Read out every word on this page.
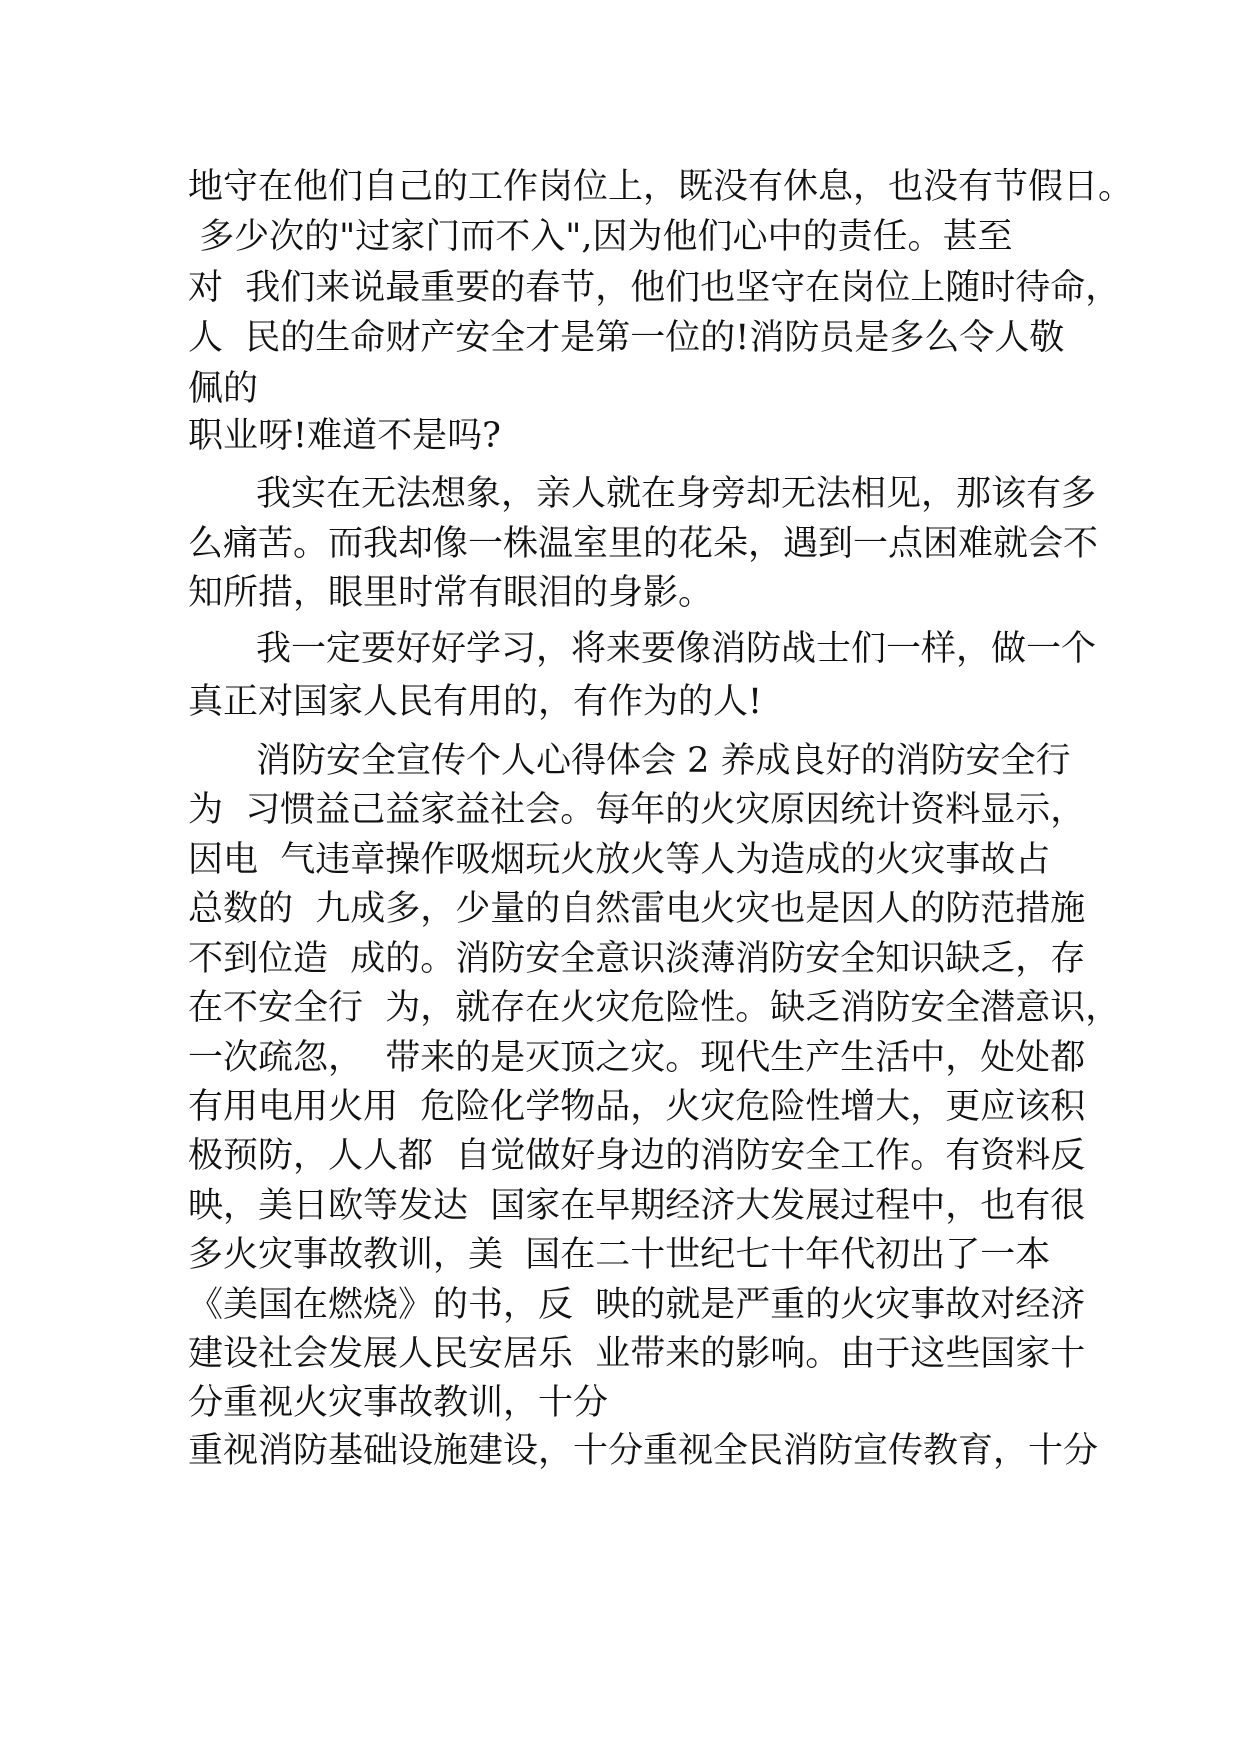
地守在他们自己的工作岗位上，既没有休息，也没有节假日。
多少次的"过家门而不入",因为他们心中的责任。甚至
对  我们来说最重要的春节，他们也坚守在岗位上随时待命，
人  民的生命财产安全才是第一位的!消防员是多么令人敬
佩的
职业呀!难道不是吗?
我实在无法想象，亲人就在身旁却无法相见，那该有多
么痛苦。而我却像一株温室里的花朵，遇到一点困难就会不
知所措，眼里时常有眼泪的身影。
我一定要好好学习，将来要像消防战士们一样，做一个
真正对国家人民有用的，有作为的人!
消防安全宣传个人心得体会 2 养成良好的消防安全行
为  习惯益己益家益社会。每年的火灾原因统计资料显示，
因电  气违章操作吸烟玩火放火等人为造成的火灾事故占
总数的  九成多，少量的自然雷电火灾也是因人的防范措施
不到位造  成的。消防安全意识淡薄消防安全知识缺乏，存
在不安全行  为，就存在火灾危险性。缺乏消防安全潜意识，
一次疏忽，  带来的是灭顶之灾。现代生产生活中，处处都
有用电用火用  危险化学物品，火灾危险性增大，更应该积
极预防，人人都  自觉做好身边的消防安全工作。有资料反
映，美日欧等发达  国家在早期经济大发展过程中，也有很
多火灾事故教训，美  国在二十世纪七十年代初出了一本
《美国在燃烧》的书，反  映的就是严重的火灾事故对经济
建设社会发展人民安居乐  业带来的影响。由于这些国家十
分重视火灾事故教训，十分
重视消防基础设施建设，十分重视全民消防宣传教育，十分
